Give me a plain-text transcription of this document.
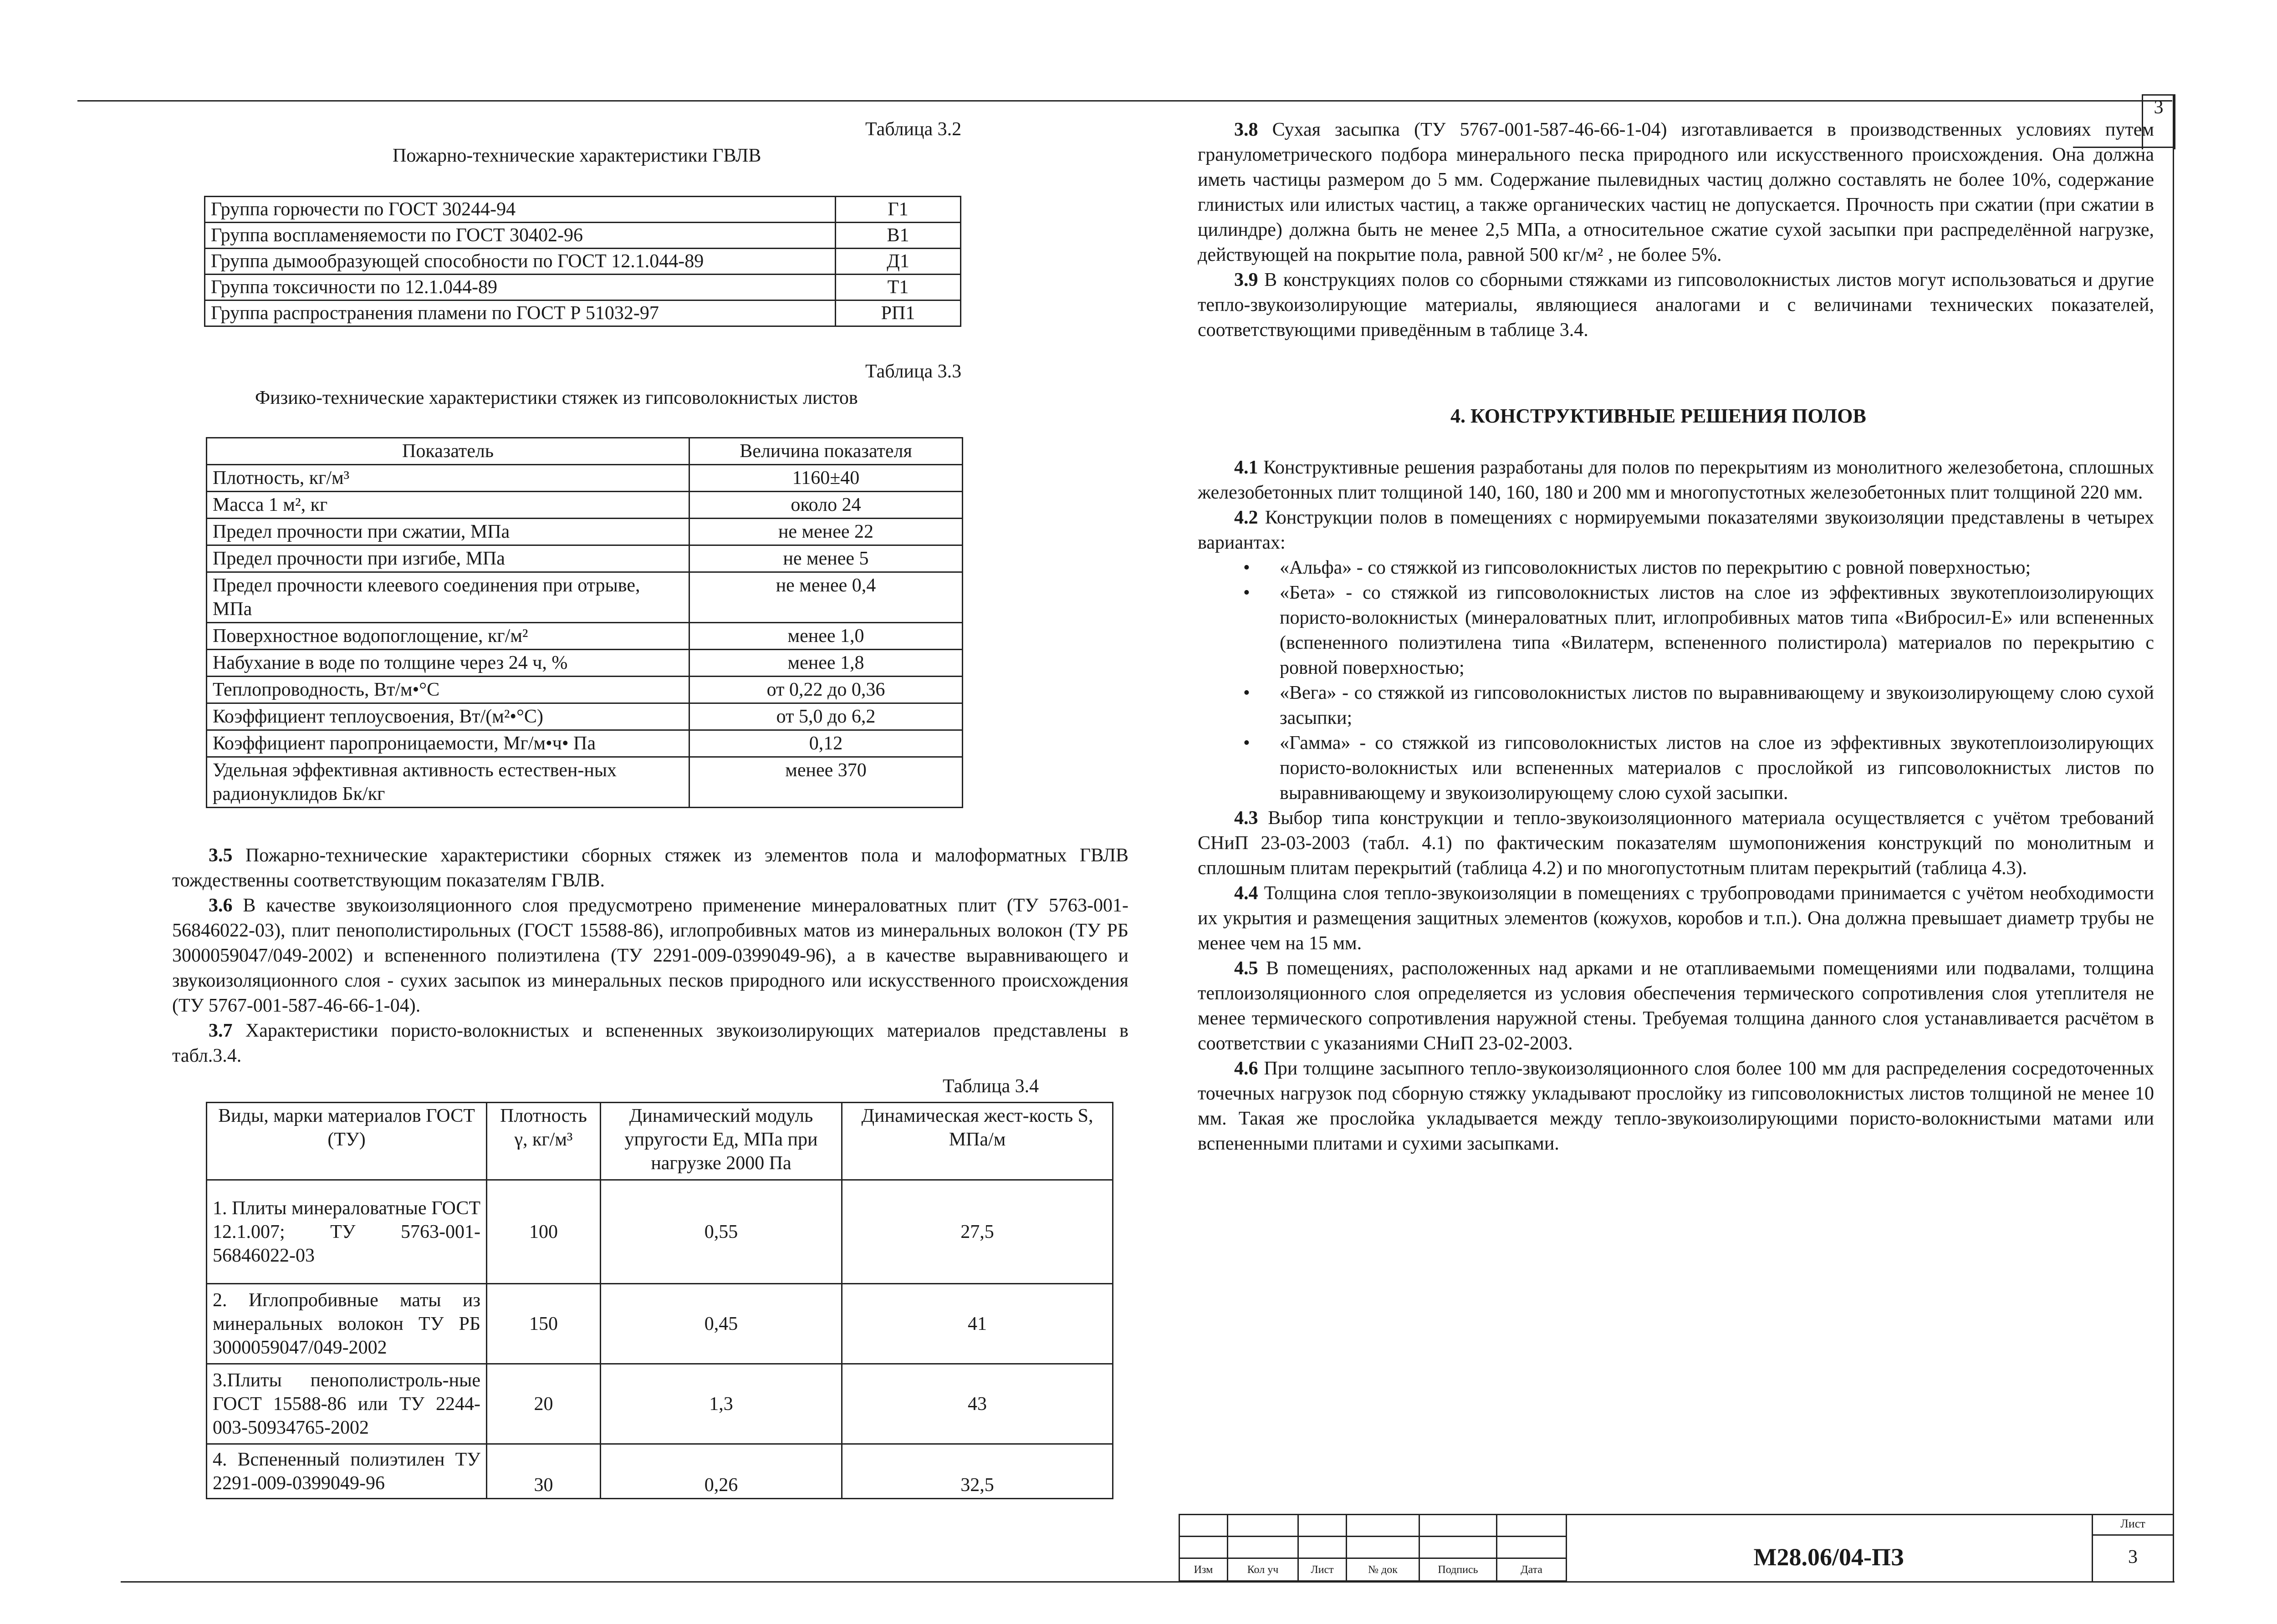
3
Таблица 3.2
Пожарно-технические характеристики ГВЛВ
Группа горючести по ГОСТ 30244-94	Г1
Группа воспламеняемости по ГОСТ 30402-96	В1
Группа дымообразующей способности по ГОСТ 12.1.044-89	Д1
Группа токсичности по 12.1.044-89	Т1
Группа распространения пламени по ГОСТ Р 51032-97	РП1
Таблица 3.3
Физико-технические характеристики стяжек из гипсоволокнистых листов
Показатель	Величина показателя
Плотность, кг/м³	1160±40
Масса 1 м², кг	около 24
Предел прочности при сжатии, МПа	не менее 22
Предел прочности при изгибе, МПа	не менее 5
Предел прочности клеевого соединения при отрыве, МПа	не менее 0,4
Поверхностное водопоглощение, кг/м²	менее 1,0
Набухание в воде по толщине через 24 ч, %	менее 1,8
Теплопроводность, Вт/м•°С	от 0,22 до 0,36
Коэффициент теплоусвоения, Вт/(м²•°С)	от 5,0 до 6,2
Коэффициент паропроницаемости, Мг/м•ч• Па	0,12
Удельная эффективная активность естествен-ных радионуклидов Бк/кг	менее 370

3.5 Пожарно-технические характеристики сборных стяжек из элементов пола и малоформатных ГВЛВ тождественны соответствующим показателям ГВЛВ.

3.6 В качестве звукоизоляционного слоя предусмотрено применение минераловатных плит (ТУ 5763-001-56846022-03), плит пенополистирольных (ГОСТ 15588-86), иглопробивных матов из минеральных волокон (ТУ РБ 3000059047/049-2002) и вспененного полиэтилена (ТУ 2291-009-0399049-96), а в качестве выравнивающего и звукоизоляционного слоя - сухих засыпок из минеральных песков природного или искусственного происхождения (ТУ 5767-001-587-46-66-1-04).

3.7 Характеристики пористо-волокнистых и вспененных звукоизолирующих материалов представлены в табл.3.4.

Таблица 3.4
Виды, марки материалов ГОСТ (ТУ)	Плотность γ, кг/м³	Динамический модуль упругости Eд, МПа при нагрузке 2000 Па	Динамическая жест-кость S, МПа/м
1. Плиты минераловатные ГОСТ 12.1.007; ТУ 5763-001-56846022-03	100	0,55	27,5
2. Иглопробивные маты из минеральных волокон ТУ РБ 3000059047/049-2002	150	0,45	41
3.Плиты пенополистроль-ные ГОСТ 15588-86 или ТУ 2244-003-50934765-2002	20	1,3	43
4. Вспененный полиэтилен ТУ 2291-009-0399049-96	30	0,26	32,5

3.8 Сухая засыпка (ТУ 5767-001-587-46-66-1-04) изготавливается в производственных условиях путем гранулометрического подбора минерального песка природного или искусственного происхождения. Она должна иметь частицы размером до 5 мм. Содержание пылевидных частиц должно составлять не более 10%, содержание глинистых или илистых частиц, а также органических частиц не допускается. Прочность при сжатии (при сжатии в цилиндре) должна быть не менее 2,5 МПа, а относительное сжатие сухой засыпки при распределённой нагрузке, действующей на покрытие пола, равной 500 кг/м² , не более 5%.

3.9 В конструкциях полов со сборными стяжками из гипсоволокнистых листов могут использоваться и другие тепло-звукоизолирующие материалы, являющиеся аналогами и с величинами технических показателей, соответствующими приведённым в таблице 3.4.

4. КОНСТРУКТИВНЫЕ РЕШЕНИЯ ПОЛОВ

4.1 Конструктивные решения разработаны для полов по перекрытиям из монолитного железобетона, сплошных железобетонных плит толщиной 140, 160, 180 и 200 мм и многопустотных железобетонных плит толщиной 220 мм.

4.2 Конструкции полов в помещениях с нормируемыми показателями звукоизоляции представлены в четырех вариантах:

• «Альфа» - со стяжкой из гипсоволокнистых листов по перекрытию с ровной поверхностью;
• «Бета» - со стяжкой из гипсоволокнистых листов на слое из эффективных звукотеплоизолирующих пористо-волокнистых (минераловатных плит, иглопробивных матов типа «Вибросил-Е» или вспененных (вспененного полиэтилена типа «Вилатерм, вспененного полистирола) материалов по перекрытию с ровной поверхностью;
• «Вега» - со стяжкой из гипсоволокнистых листов по выравнивающему и звукоизолирующему слою сухой засыпки;
• «Гамма» - со стяжкой из гипсоволокнистых листов на слое из эффективных звукотеплоизолирующих пористо-волокнистых или вспененных материалов с прослойкой из гипсоволокнистых листов по выравнивающему и звукоизолирующему слою сухой засыпки.

4.3 Выбор типа конструкции и тепло-звукоизоляционного материала осуществляется с учётом требований СНиП 23-03-2003 (табл. 4.1) по фактическим показателям шумопонижения конструкций по монолитным и сплошным плитам перекрытий (таблица 4.2) и по многопустотным плитам перекрытий (таблица 4.3).

4.4 Толщина слоя тепло-звукоизоляции в помещениях с трубопроводами принимается с учётом необходимости их укрытия и размещения защитных элементов (кожухов, коробов и т.п.). Она должна превышает диаметр трубы не менее чем на 15 мм.

4.5 В помещениях, расположенных над арками и не отапливаемыми помещениями или подвалами, толщина теплоизоляционного слоя определяется из условия обеспечения термического сопротивления слоя утеплителя не менее термического сопротивления наружной стены. Требуемая толщина данного слоя устанавливается расчётом в соответствии с указаниями СНиП 23-02-2003.

4.6 При толщине засыпного тепло-звукоизоляционного слоя более 100 мм для распределения сосредоточенных точечных нагрузок под сборную стяжку укладывают прослойку из гипсоволокнистых листов толщиной не менее 10 мм. Такая же прослойка укладывается между тепло-звукоизолирующими пористо-волокнистыми матами или вспененными плитами и сухими засыпками.

Изм	Кол уч	Лист	№ док	Подпись	Дата	М28.06/04-ПЗ
Лист
3
